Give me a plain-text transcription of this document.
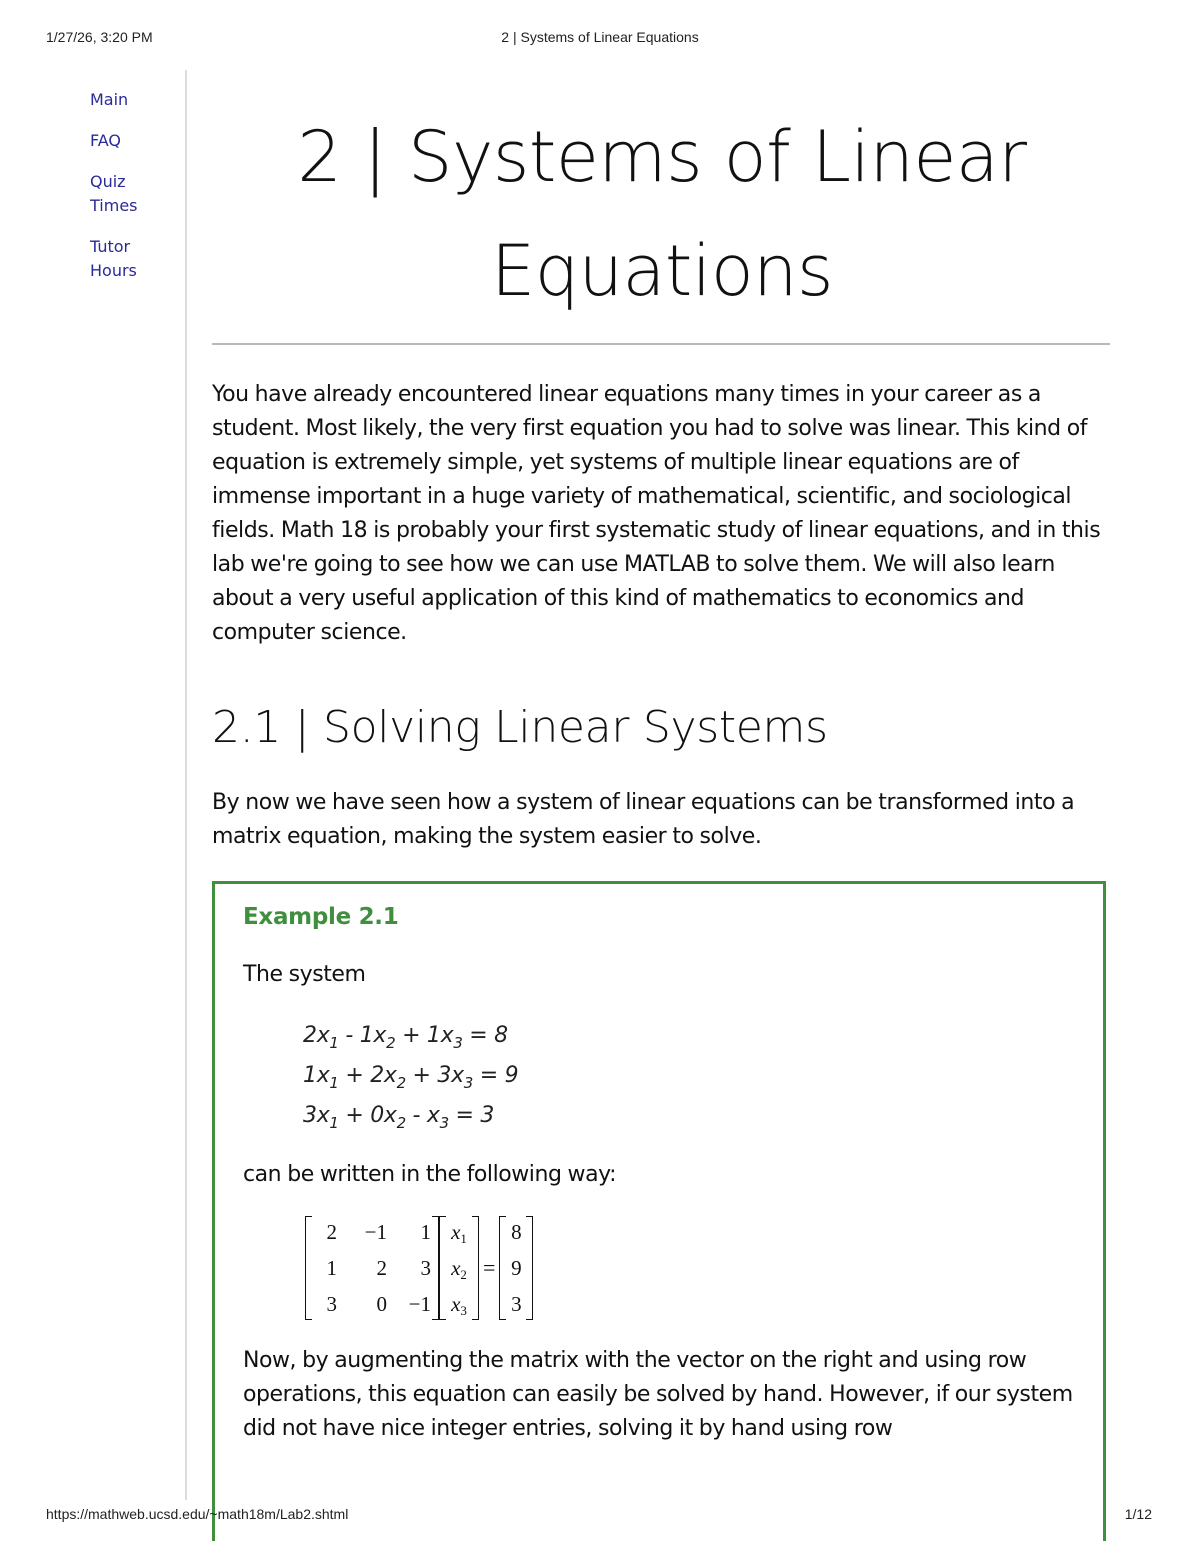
1/27/26, 3:20 PM	2 | Systems of Linear Equations
Main
FAQ
Quiz
Times
Tutor
Hours
2 | Systems of Linear
Equations

You have already encountered linear equations many times in your career as a student. Most likely, the very first equation you had to solve was linear. This kind of equation is extremely simple, yet systems of multiple linear equations are of immense important in a huge variety of mathematical, scientific, and sociological fields. Math 18 is probably your first systematic study of linear equations, and in this lab we're going to see how we can use MATLAB to solve them. We will also learn about a very useful application of this kind of mathematics to economics and computer science.

2.1 | Solving Linear Systems

By now we have seen how a system of linear equations can be transformed into a matrix equation, making the system easier to solve.

Example 2.1

The system

$2x_1 - 1x_2 + 1x_3 = 8$
$1x_1 + 2x_2 + 3x_3 = 9$
$3x_1 + 0x_2 - x_3 = 3$

can be written in the following way:

2	−1	1
1	2	3
3	0	−1
$x_1$
$x_2$
$x_3$
=
8
9
3

Now, by augmenting the matrix with the vector on the right and using row operations, this equation can easily be solved by hand. However, if our system did not have nice integer entries, solving it by hand using row

https://mathweb.ucsd.edu/~math18m/Lab2.shtml	1/12
